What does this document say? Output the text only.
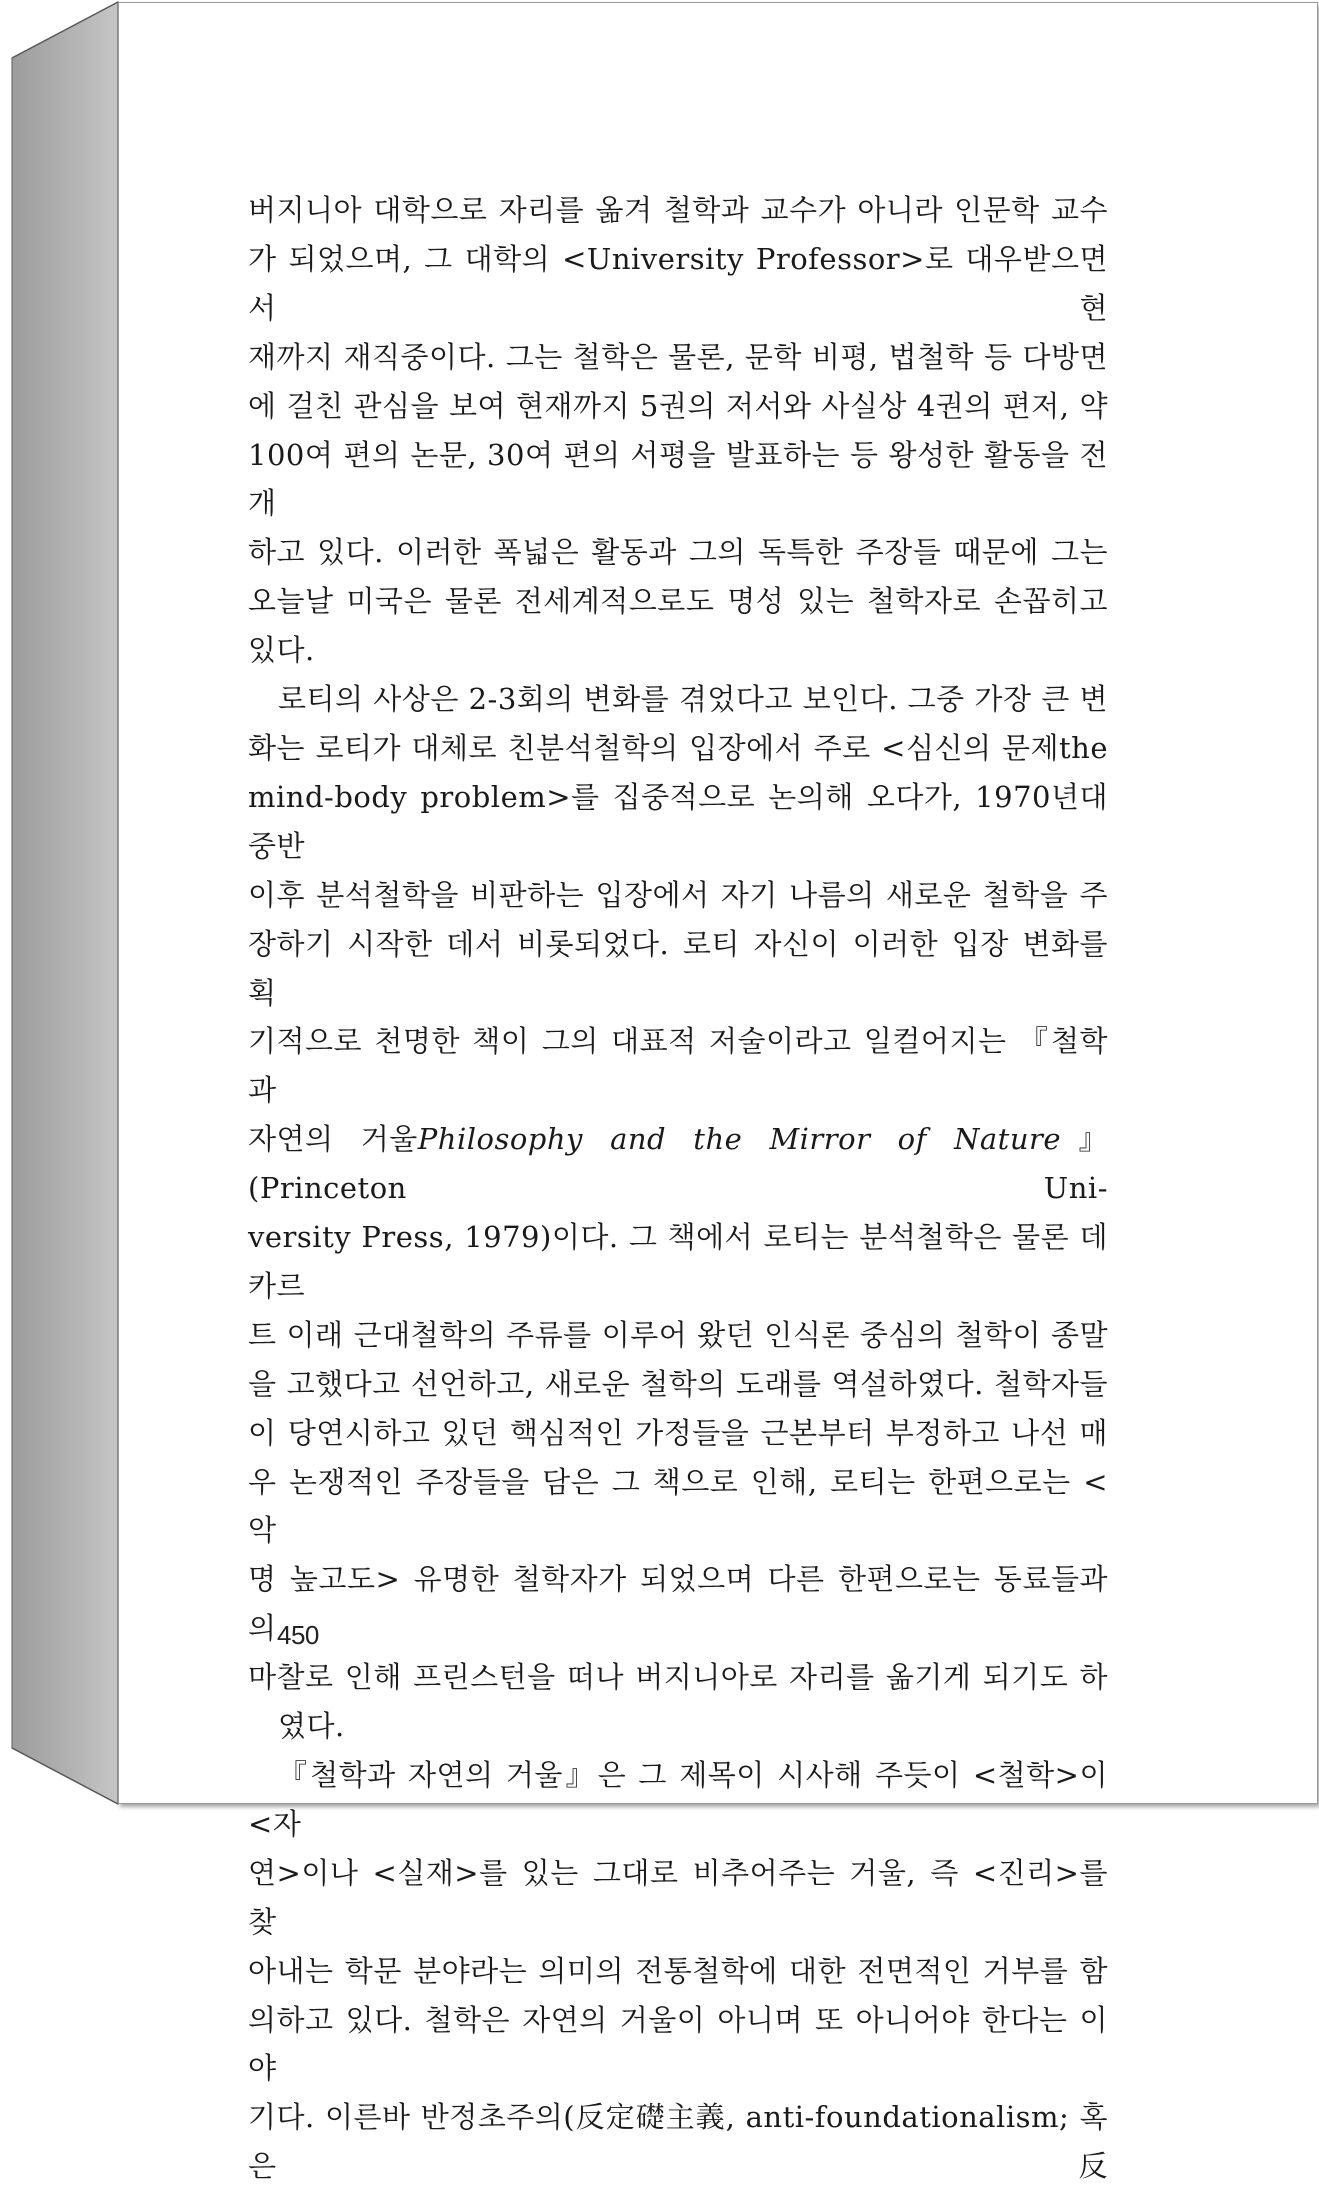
버지니아 대학으로 자리를 옮겨 철학과 교수가 아니라 인문학 교수
가 되었으며, 그 대학의 <University Professor>로 대우받으면서 현
재까지 재직중이다. 그는 철학은 물론, 문학 비평, 법철학 등 다방면
에 걸친 관심을 보여 현재까지 5권의 저서와 사실상 4권의 편저, 약
100여 편의 논문, 30여 편의 서평을 발표하는 등 왕성한 활동을 전개
하고 있다. 이러한 폭넓은 활동과 그의 독특한 주장들 때문에 그는
오늘날 미국은 물론 전세계적으로도 명성 있는 철학자로 손꼽히고
있다.

로티의 사상은 2-3회의 변화를 겪었다고 보인다. 그중 가장 큰 변
화는 로티가 대체로 친분석철학의 입장에서 주로 <심신의 문제the
mind-body problem>를 집중적으로 논의해 오다가, 1970년대 중반
이후 분석철학을 비판하는 입장에서 자기 나름의 새로운 철학을 주
장하기 시작한 데서 비롯되었다. 로티 자신이 이러한 입장 변화를 획
기적으로 천명한 책이 그의 대표적 저술이라고 일컬어지는 『철학과
자연의 거울Philosophy and the Mirror of Nature』(Princeton Uni-
versity Press, 1979)이다. 그 책에서 로티는 분석철학은 물론 데카르
트 이래 근대철학의 주류를 이루어 왔던 인식론 중심의 철학이 종말
을 고했다고 선언하고, 새로운 철학의 도래를 역설하였다. 철학자들
이 당연시하고 있던 핵심적인 가정들을 근본부터 부정하고 나선 매
우 논쟁적인 주장들을 담은 그 책으로 인해, 로티는 한편으로는 <악
명 높고도> 유명한 철학자가 되었으며 다른 한편으로는 동료들과의
마찰로 인해 프린스턴을 떠나 버지니아로 자리를 옮기게 되기도 하
였다.

『철학과 자연의 거울』은 그 제목이 시사해 주듯이 <철학>이 <자
연>이나 <실재>를 있는 그대로 비추어주는 거울, 즉 <진리>를 찾
아내는 학문 분야라는 의미의 전통철학에 대한 전면적인 거부를 함
의하고 있다. 철학은 자연의 거울이 아니며 또 아니어야 한다는 이야
기다. 이른바 반정초주의(反定礎主義, anti-foundationalism; 혹은 反

450
